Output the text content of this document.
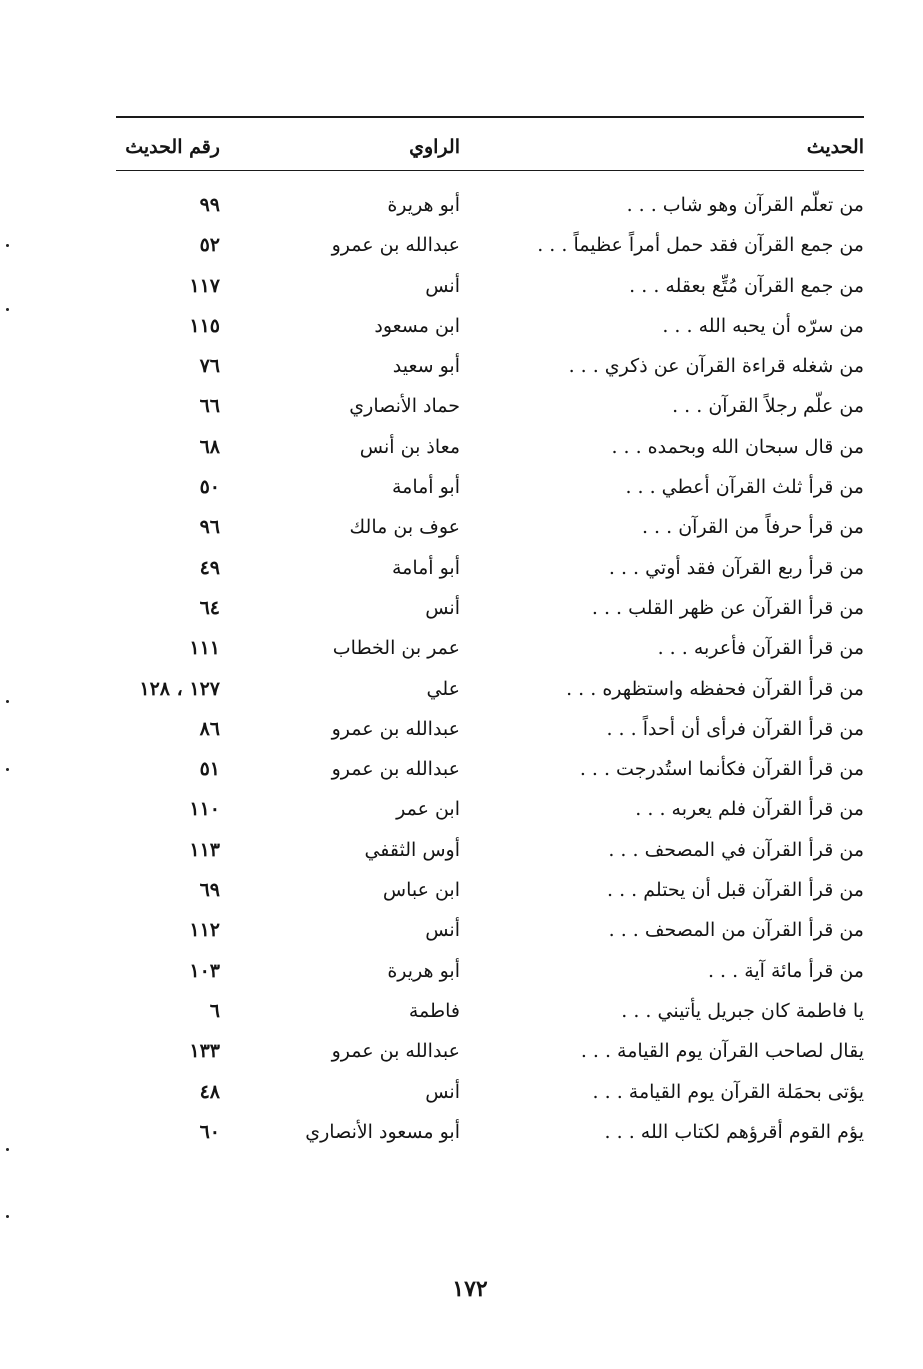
الحديث
الراوي
رقم الحديث
من تعلّم القرآن وهو شاب . . .
أبو هريرة
٩٩
من جمع القرآن فقد حمل أمراً عظيماً . . .
عبدالله بن عمرو
٥٢
من جمع القرآن مُتِّع بعقله . . .
أنس
١١٧
من سرّه أن يحبه الله . . .
ابن مسعود
١١٥
من شغله قراءة القرآن عن ذكري . . .
أبو سعيد
٧٦
من علّم رجلاً القرآن . . .
حماد الأنصاري
٦٦
من قال سبحان الله وبحمده . . .
معاذ بن أنس
٦٨
من قرأ ثلث القرآن أعطي . . .
أبو أمامة
٥٠
من قرأ حرفاً من القرآن . . .
عوف بن مالك
٩٦
من قرأ ربع القرآن فقد أوتي . . .
أبو أمامة
٤٩
من قرأ القرآن عن ظهر القلب . . .
أنس
٦٤
من قرأ القرآن فأعربه . . .
عمر بن الخطاب
١١١
من قرأ القرآن فحفظه واستظهره . . .
علي
١٢٧ ، ١٢٨
من قرأ القرآن فرأى أن أحداً . . .
عبدالله بن عمرو
٨٦
من قرأ القرآن فكأنما استُدرجت . . .
عبدالله بن عمرو
٥١
من قرأ القرآن فلم يعربه . . .
ابن عمر
١١٠
من قرأ القرآن في المصحف . . .
أوس الثقفي
١١٣
من قرأ القرآن قبل أن يحتلم . . .
ابن عباس
٦٩
من قرأ القرآن من المصحف . . .
أنس
١١٢
من قرأ مائة آية . . .
أبو هريرة
١٠٣
يا فاطمة كان جبريل يأتيني . . .
فاطمة
٦
يقال لصاحب القرآن يوم القيامة . . .
عبدالله بن عمرو
١٣٣
يؤتى بحمَلة القرآن يوم القيامة . . .
أنس
٤٨
يؤم القوم أقرؤهم لكتاب الله . . .
أبو مسعود الأنصاري
٦٠
١٧٢
